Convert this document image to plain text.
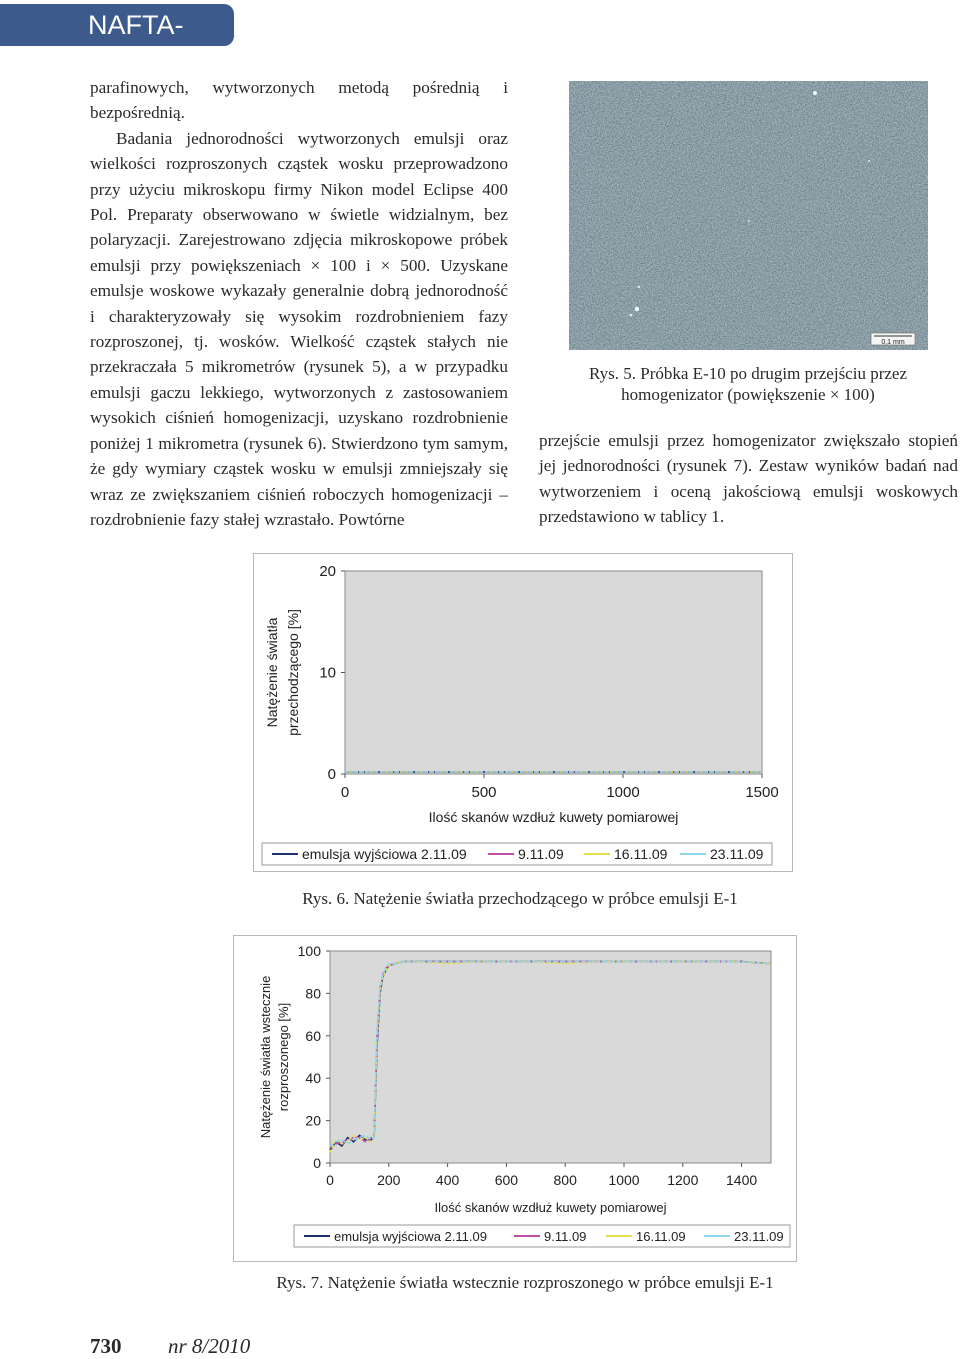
NAFTA-GAZ

parafinowych, wytworzonych metodą pośrednią i bezpośrednią.

Badania jednorodności wytworzonych emulsji oraz wielkości rozproszonych cząstek wosku przeprowadzono przy użyciu mikroskopu firmy Nikon model Eclipse 400 Pol. Preparaty obserwowano w świetle widzialnym, bez polaryzacji. Zarejestrowano zdjęcia mikroskopowe próbek emulsji przy powiększeniach × 100 i × 500. Uzyskane emulsje woskowe wykazały generalnie dobrą jednorodność i charakteryzowały się wysokim rozdrobnieniem fazy rozproszonej, tj. wosków. Wielkość cząstek stałych nie przekraczała 5 mikrometrów (rysunek 5), a w przypadku emulsji gaczu lekkiego, wytworzonych z zastosowaniem wysokich ciśnień homogenizacji, uzyskano rozdrobnienie poniżej 1 mikrometra (rysunek 6). Stwierdzono tym samym, że gdy wymiary cząstek wosku w emulsji zmniejszały się wraz ze zwiększaniem ciśnień roboczych homogenizacji – rozdrobnienie fazy stałej wzrastało. Powtórne

0,1 mm
Rys. 5. Próbka E-10 po drugim przejściu przez
homogenizator (powiększenie × 100)

przejście emulsji przez homogenizator zwiększało stopień jej jednorodności (rysunek 7). Zestaw wyników badań nad wytworzeniem i oceną jakościową emulsji woskowych przedstawiono w tablicy 1.

0
10
20
0	500	1000	1500
Ilość skanów wzdłuż kuwety pomiarowej
Natężenie światła przechodzącego [%]
emulsja wyjściowa 2.11.09	9.11.09	16.11.09	23.11.09
Rys. 6. Natężenie światła przechodzącego w próbce emulsji E-1
0
20
40
60
80
100
0	200	400	600	800 1000 1200 1400
Ilość skanów wzdłuż kuwety pomiarowej
Natężenie światła wstecznie rozproszonego [%]
emulsja wyjściowa 2.11.09	9.11.09	16.11.09	23.11.09
Rys. 7. Natężenie światła wstecznie rozproszonego w próbce emulsji E-1
730 nr 8/2010
